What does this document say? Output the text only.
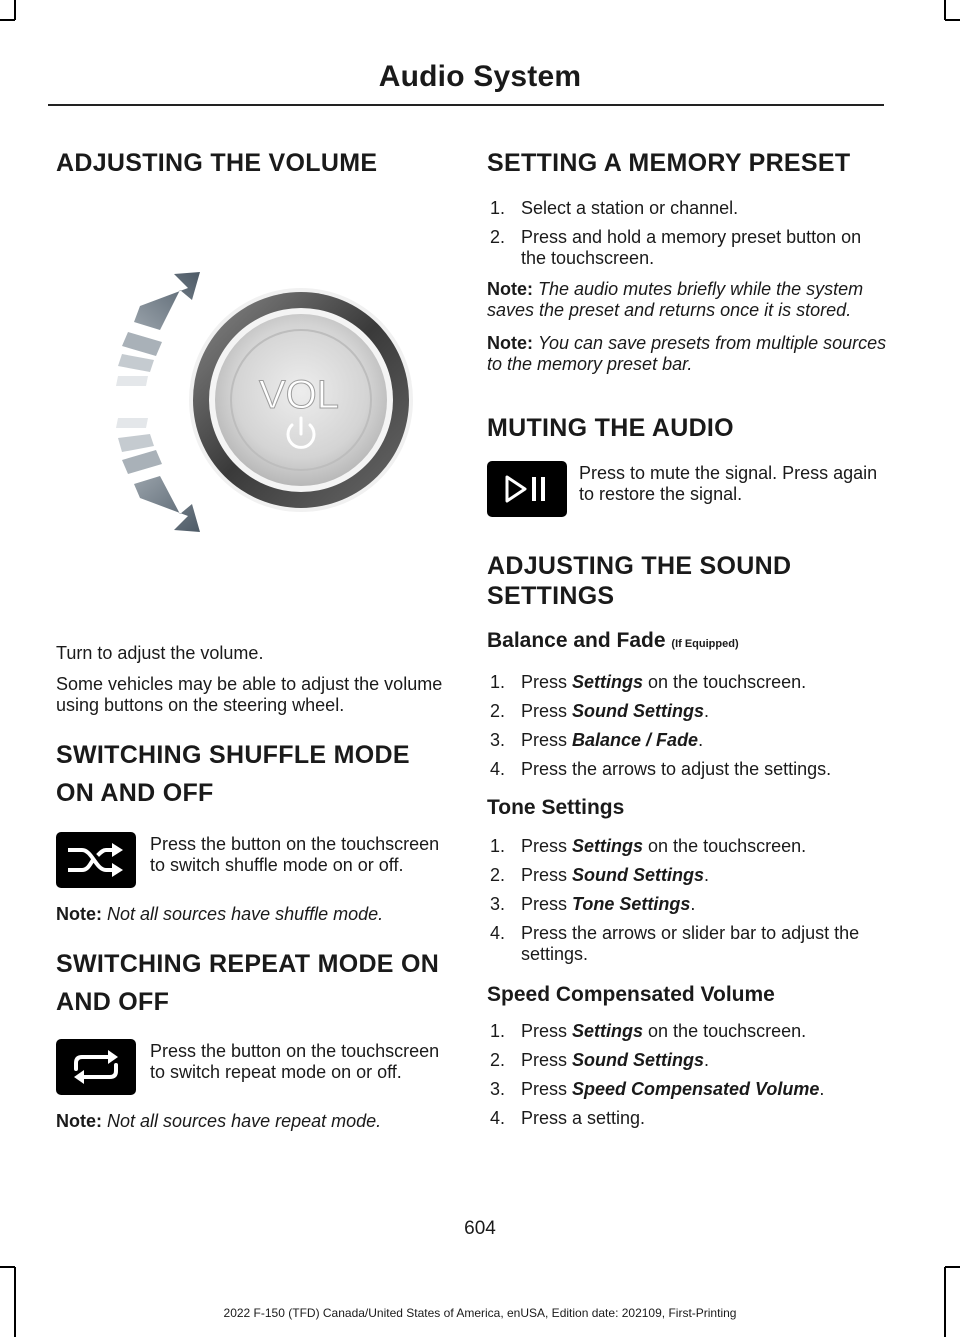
Audio System
ADJUSTING THE VOLUME

Turn to adjust the volume.

Some vehicles may be able to adjust the volume using buttons on the steering wheel.

SWITCHING SHUFFLE MODE
ON AND OFF

Press the button on the touchscreen to switch shuffle mode on or off.

Note: Not all sources have shuffle mode.

SWITCHING REPEAT MODE ON
AND OFF

Press the button on the touchscreen to switch repeat mode on or off.

Note: Not all sources have repeat mode.

VOL
SETTING A MEMORY PRESET
1. Select a station or channel.
2. Press and hold a memory preset button on the touchscreen.

Note: The audio mutes briefly while the system saves the preset and returns once it is stored.

Note: You can save presets from multiple sources to the memory preset bar.

MUTING THE AUDIO

Press to mute the signal. Press again to restore the signal.

ADJUSTING THE SOUND
SETTINGS
Balance and Fade (If Equipped)
1. Press Settings on the touchscreen.
2. Press Sound Settings.
3. Press Balance / Fade.
4. Press the arrows to adjust the settings.
Tone Settings
1. Press Settings on the touchscreen.
2. Press Sound Settings.
3. Press Tone Settings.
4. Press the arrows or slider bar to adjust the settings.
Speed Compensated Volume
1. Press Settings on the touchscreen.
2. Press Sound Settings.
3. Press Speed Compensated Volume.
4. Press a setting.
604
2022 F-150 (TFD) Canada/United States of America, enUSA, Edition date: 202109, First-Printing
